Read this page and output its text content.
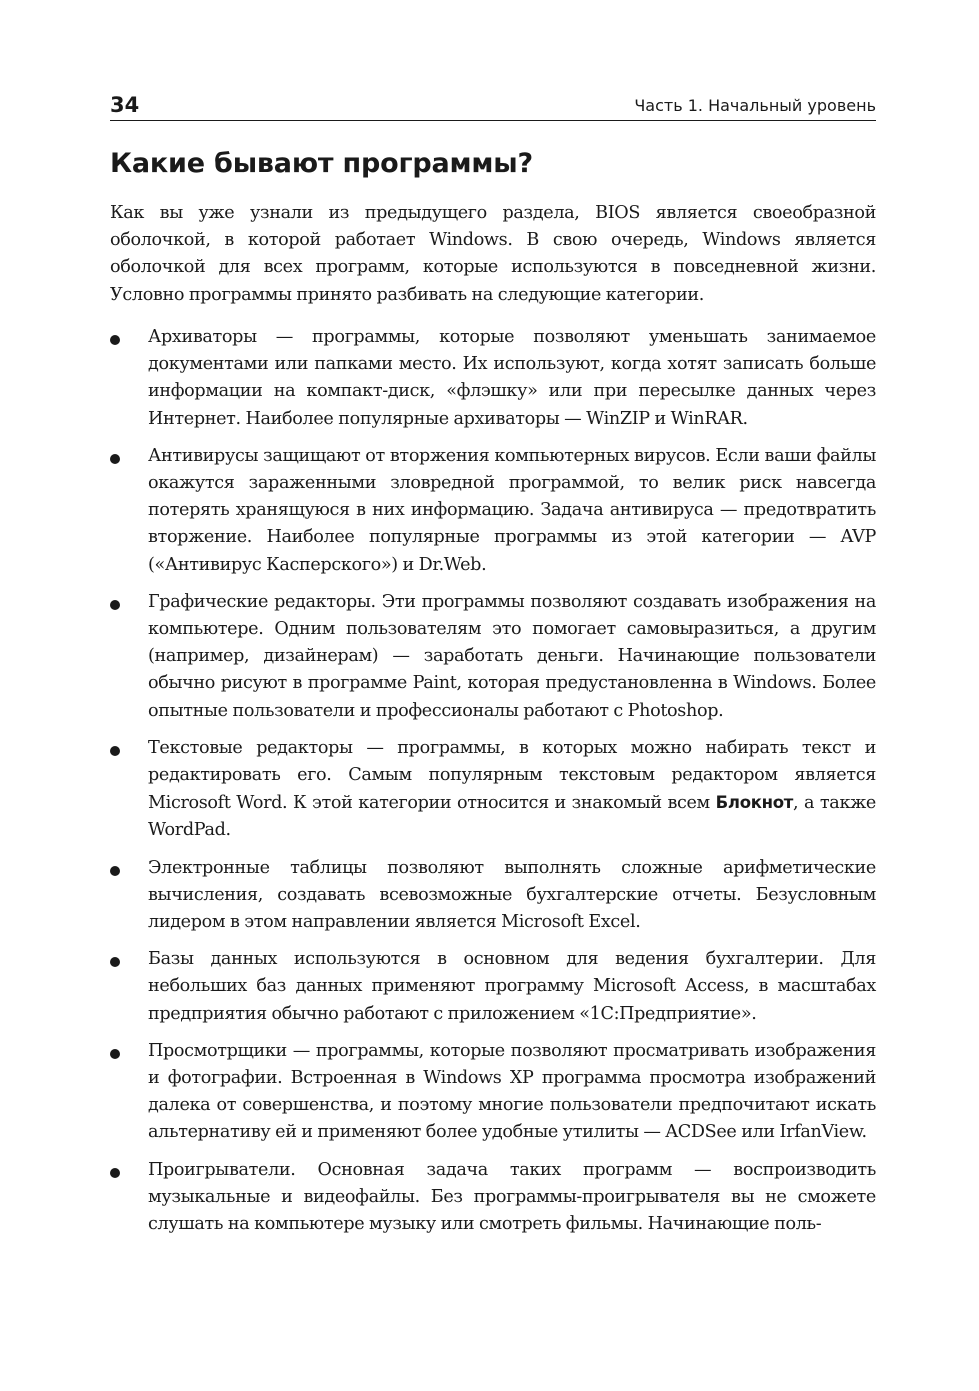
34	Часть 1. Начальный уровень
Какие бывают программы?

Как вы уже узнали из предыдущего раздела, BIOS является своеобразной оболочкой, в которой работает Windows. В свою очередь, Windows является оболочкой для всех программ, которые используются в повседневной жизни. Условно программы принято разбивать на следующие категории.

Архиваторы — программы, которые позволяют уменьшать занимаемое документами или папками место. Их используют, когда хотят записать больше информации на компакт-диск, «флэшку» или при пересылке данных через Интернет. Наиболее популярные архиваторы — WinZIP и WinRAR.
Антивирусы защищают от вторжения компьютерных вирусов. Если ваши файлы окажутся зараженными зловредной программой, то велик риск навсегда потерять хранящуюся в них информацию. Задача антивируса — предотвратить вторжение. Наиболее популярные программы из этой категории — AVP («Антивирус Касперского») и Dr.Web.
Графические редакторы. Эти программы позволяют создавать изображения на компьютере. Одним пользователям это помогает самовыразиться, а другим (например, дизайнерам) — заработать деньги. Начинающие пользователи обычно рисуют в программе Paint, которая предустановленна в Windows. Более опытные пользователи и профессионалы работают с Photoshop.
Текстовые редакторы — программы, в которых можно набирать текст и редактировать его. Самым популярным текстовым редактором является Microsoft Word. К этой категории относится и знакомый всем Блокнот, а также WordPad.
Электронные таблицы позволяют выполнять сложные арифметические вычисления, создавать всевозможные бухгалтерские отчеты. Безусловным лидером в этом направлении является Microsoft Excel.
Базы данных используются в основном для ведения бухгалтерии. Для небольших баз данных применяют программу Microsoft Access, в масштабах предприятия обычно работают с приложением «1С:Предприятие».
Просмотрщики — программы, которые позволяют просматривать изображения и фотографии. Встроенная в Windows XP программа просмотра изображений далека от совершенства, и поэтому многие пользователи предпочитают искать альтернативу ей и применяют более удобные утилиты — ACDSee или IrfanView.
Проигрыватели. Основная задача таких программ — воспроизводить музыкальные и видеофайлы. Без программы-проигрывателя вы не сможете слушать на компьютере музыку или смотреть фильмы. Начинающие поль-
